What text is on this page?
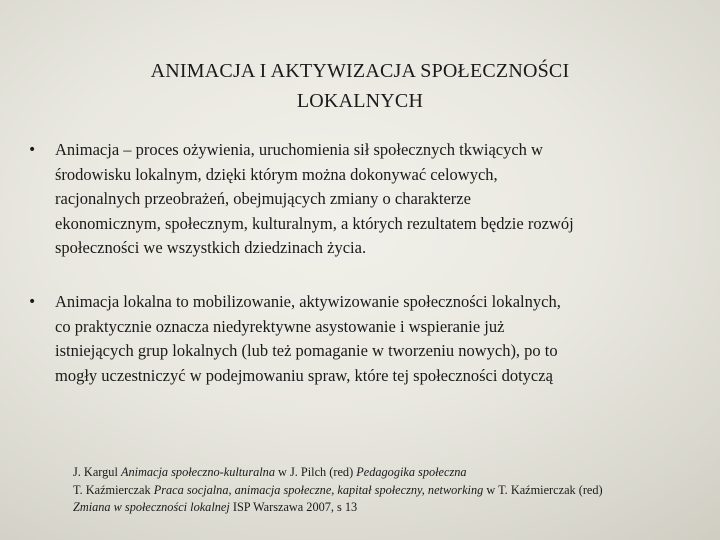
ANIMACJA I AKTYWIZACJA SPOŁECZNOŚCI
LOKALNYCH
•	Animacja – proces ożywienia, uruchomienia sił społecznych tkwiących w
środowisku lokalnym, dzięki którym można dokonywać celowych,
racjonalnych przeobrażeń, obejmujących zmiany o charakterze
ekonomicznym, społecznym, kulturalnym, a których rezultatem będzie rozwój
społeczności we wszystkich dziedzinach życia.
•	Animacja lokalna to mobilizowanie, aktywizowanie społeczności lokalnych,
co praktycznie oznacza niedyrektywne asystowanie i wspieranie już
istniejących grup lokalnych (lub też pomaganie w tworzeniu nowych), po to
mogły uczestniczyć w podejmowaniu spraw, które tej społeczności dotyczą
J. Kargul Animacja społeczno-kulturalna w J. Pilch (red) Pedagogika społeczna
T. Kaźmierczak Praca socjalna, animacja społeczne, kapitał społeczny, networking w T. Kaźmierczak (red)
Zmiana w społeczności lokalnej ISP Warszawa 2007, s 13
